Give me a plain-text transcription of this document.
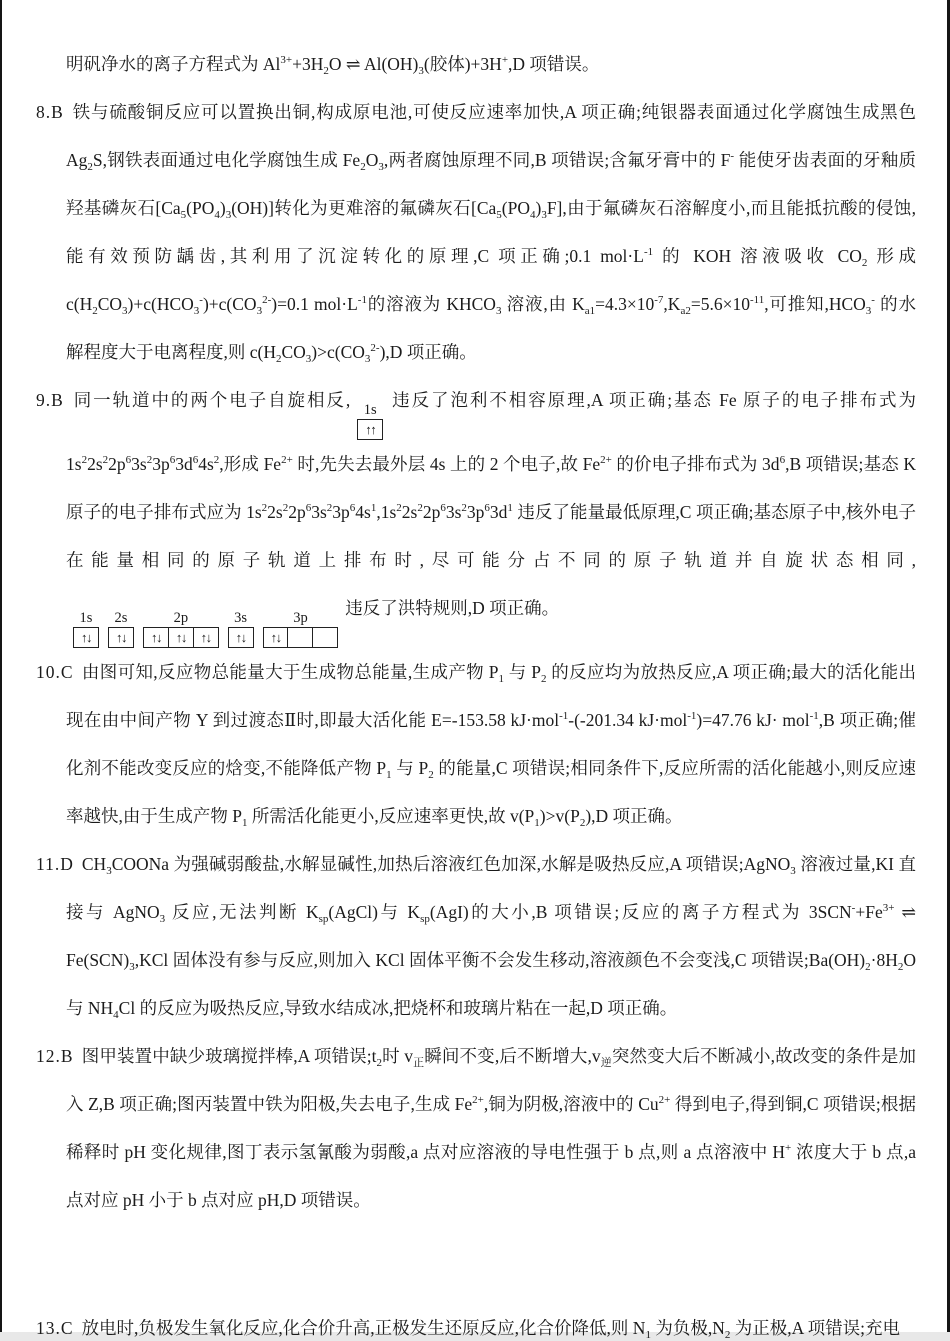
明矾净水的离子方程式为 $Al^{3+}+3H_2O$ ⇌ $Al(OH)_3$(胶体)+3H+,D 项错误。
8.B 铁与硫酸铜反应可以置换出铜,构成原电池,可使反应速率加快,A 项正确;纯银器表面通过化学腐蚀生成黑色 $Ag_2S$,钢铁表面通过电化学腐蚀生成 $Fe_2O_3$,两者腐蚀原理不同,B 项错误;含氟牙膏中的 F- 能使牙齿表面的牙釉质羟基磷灰石$[Ca_5(PO_4)_3(OH)]$转化为更难溶的氟磷灰石$[Ca_5(PO_4)_3F]$,由于氟磷灰石溶解度小,而且能抵抗酸的侵蚀,能有效预防龋齿,其利用了沉淀转化的原理,C 项正确;0.1 $mol\cdot L^{-1}$ 的 KOH 溶液吸收 $CO_2$ 形成 $c(H_2CO_3)+c(HCO_3^-)+c(CO_3^{2-})=0.1$ $mol\cdot L^{-1}$的溶液为 $KHCO_3$ 溶液,由 $K_{a1}=4.3\times 10^{-7},K_{a2}=5.6\times 10^{-11}$,可推知$,HCO_3^-$ 的水解程度大于电离程度,则 $c(H_2CO_3)>c(CO_3^{2-}),D$ 项正确。
9.B 同一轨道中的两个电子自旋相反, 1s
↑↑
违反了泡利不相容原理,A 项正确;基态 Fe 原子的电子排布式为 $1s^22s^22p^63s^23p^63d^64s^2$,形成 $Fe^{2+}$ 时,先失去最外层 4s 上的 2 个电子,故 $Fe^{2+}$ 的价电子排布式为 $3d^6,B$ 项错误;基态 K 原子的电子排布式应为 $1s^22s^22p^63s^23p^64s^1,1s^22s^22p^63s^23p^63d^1$ 违反了能量最低原理,C 项正确;基态原子中,核外电子在能量相同的原子轨道上排布时,尽可能分占不同的原子轨道并自旋状态相同,
1s
↑↓
2s
↑↓
2p
↑↓	↑↓	↑↓
3s
↑↓
3p
↑↓
违反了洪特规则,D 项正确。
10.C 由图可知,反应物总能量大于生成物总能量,生成产物 $P_1$ 与 $P_2$ 的反应均为放热反应,A 项正确;最大的活化能出现在由中间产物 Y 到过渡态Ⅱ时,即最大活化能 E=-153.58 kJ·mol$^{-1}$-(-201.34 kJ·mol$^{-1}$)=47.76 kJ· mol$^{-1}$,B 项正确;催化剂不能改变反应的焓变,不能降低产物 $P_1$ 与 $P_2$ 的能量,C 项错误;相同条件下,反应所需的活化能越小,则反应速率越快,由于生成产物 $P_1$ 所需活化能更小,反应速率更快,故 $v(P_1)>v(P_2),D$ 项正确。
11.D $CH_3COONa$ 为强碱弱酸盐,水解显碱性,加热后溶液红色加深,水解是吸热反应,A 项错误;AgNO$_3$ 溶液过量,KI 直接与 AgNO$_3$ 反应,无法判断 $K_{sp}(AgCl)$与 $K_{sp}(AgI)$的大小,B 项错误;反应的离子方程式为 $3SCN^-+Fe^{3+}$ ⇌ $Fe(SCN)_3,KCl$ 固体没有参与反应,则加入 KCl 固体平衡不会发生移动,溶液颜色不会变浅,C 项错误$;Ba(OH)_2\cdot 8H_2O$ 与 $NH_4Cl$ 的反应为吸热反应,导致水结成冰,把烧杯和玻璃片粘在一起,D 项正确。
12.B 图甲装置中缺少玻璃搅拌棒,A 项错误$;t_2$时 $v_正$瞬间不变,后不断增大$,v_逆$突然变大后不断减小,故改变的条件是加入 Z,B 项正确;图丙装置中铁为阳极,失去电子,生成 $Fe^{2+}$,铜为阴极,溶液中的 $Cu^{2+}$ 得到电子,得到铜,C 项错误;根据稀释时 pH 变化规律,图丁表示氢氰酸为弱酸,a 点对应溶液的导电性强于 b 点,则 a 点溶液中 H+ 浓度大于 b 点,a 点对应 pH 小于 b 点对应 pH,D 项错误。
13.C 放电时,负极发生氧化反应,化合价升高,正极发生还原反应,化合价降低,则 $N_1$ 为负极$,N_2$ 为正极,A 项错误;充电
